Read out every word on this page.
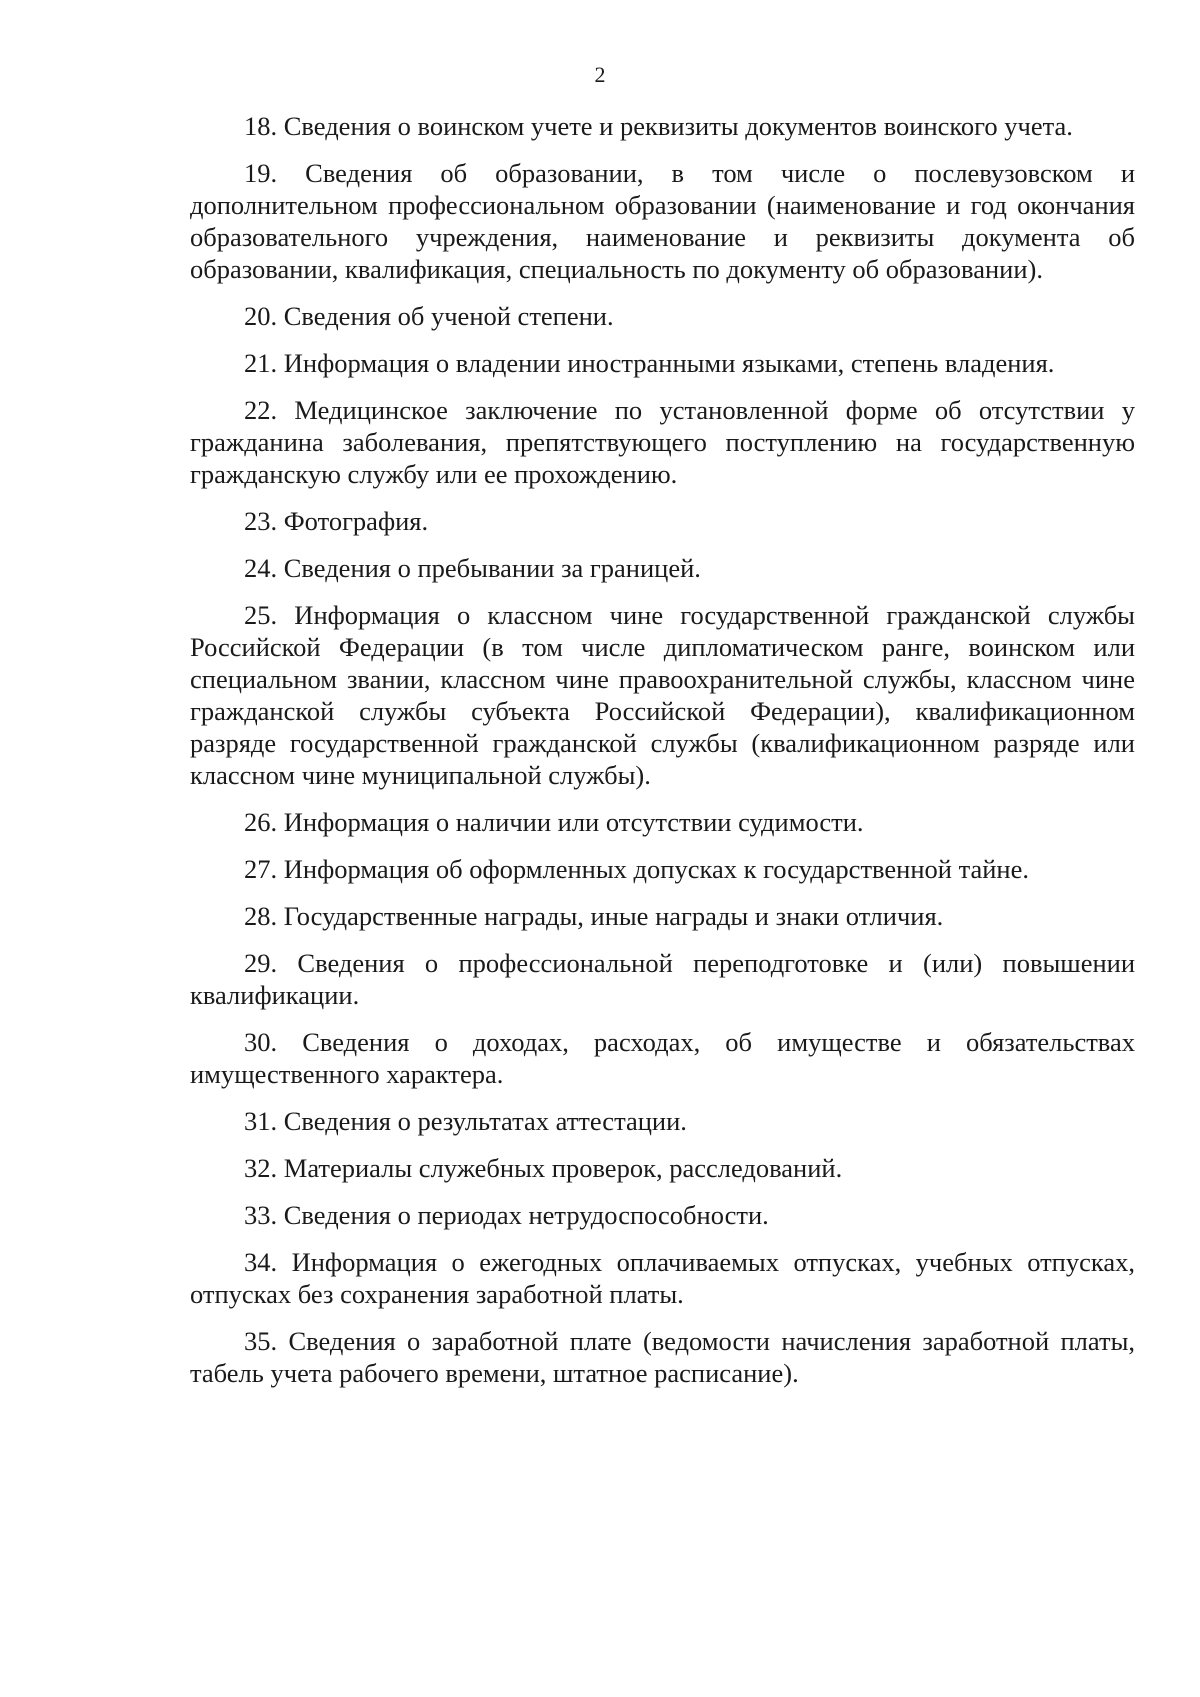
2

18. Сведения о воинском учете и реквизиты документов воинского учета.

19. Сведения об образовании, в том числе о послевузовском и дополнительном профессиональном образовании (наименование и год окончания образовательного учреждения, наименование и реквизиты документа об образовании, квалификация, специальность по документу об образовании).

20. Сведения об ученой степени.

21. Информация о владении иностранными языками, степень владения.

22. Медицинское заключение по установленной форме об отсутствии у гражданина заболевания, препятствующего поступлению на государственную гражданскую службу или ее прохождению.

23. Фотография.

24. Сведения о пребывании за границей.

25. Информация о классном чине государственной гражданской службы Российской Федерации (в том числе дипломатическом ранге, воинском или специальном звании, классном чине правоохранительной службы, классном чине гражданской службы субъекта Российской Федерации), квалификационном разряде государственной гражданской службы (квалификационном разряде или классном чине муниципальной службы).

26. Информация о наличии или отсутствии судимости.

27. Информация об оформленных допусках к государственной тайне.

28. Государственные награды, иные награды и знаки отличия.

29. Сведения о профессиональной переподготовке и (или) повышении квалификации.

30. Сведения о доходах, расходах, об имуществе и обязательствах имущественного характера.

31. Сведения о результатах аттестации.

32. Материалы служебных проверок, расследований.

33. Сведения о периодах нетрудоспособности.

34. Информация о ежегодных оплачиваемых отпусках, учебных отпусках, отпусках без сохранения заработной платы.

35. Сведения о заработной плате (ведомости начисления заработной платы, табель учета рабочего времени, штатное расписание).
